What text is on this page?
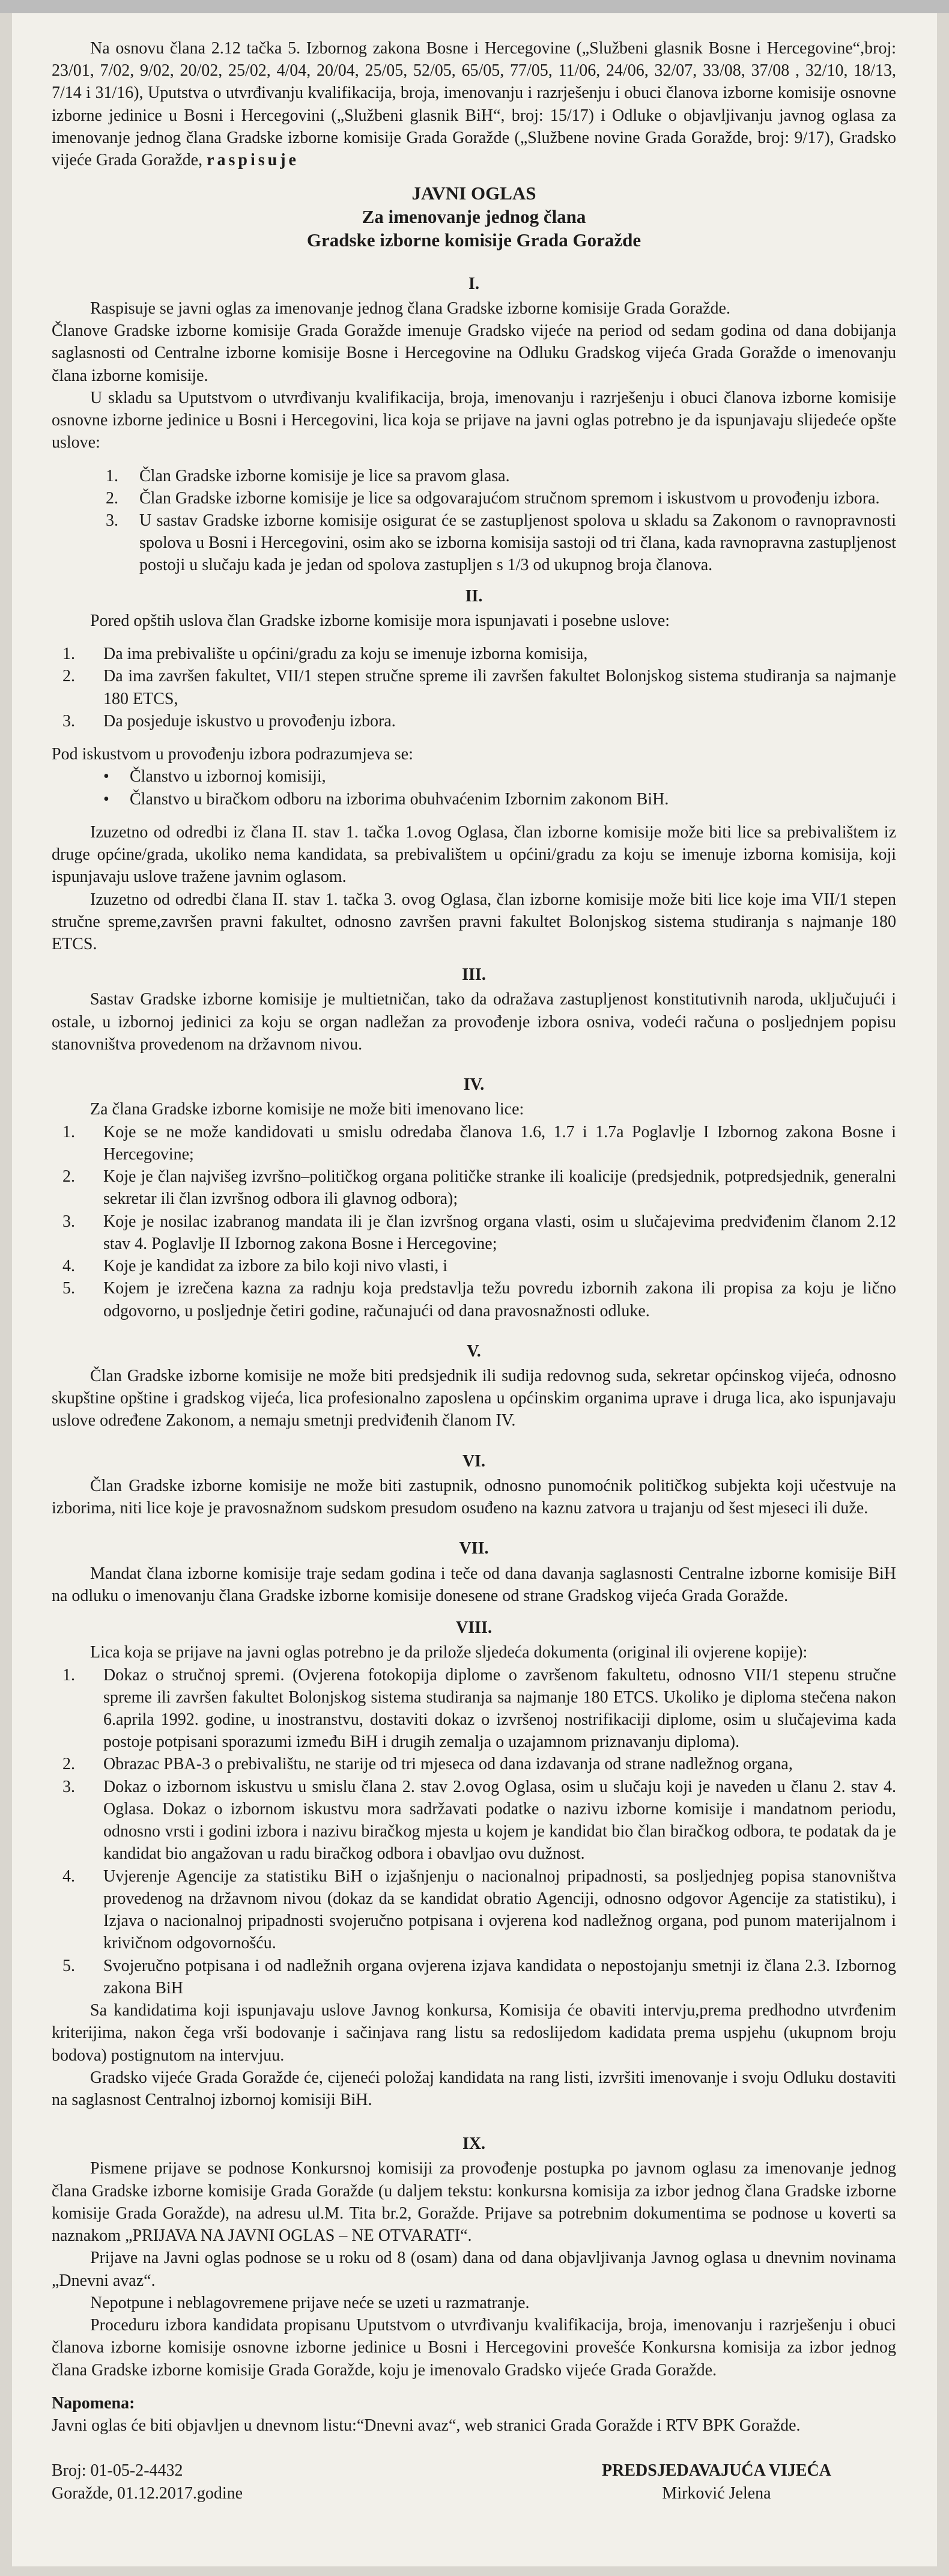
Na osnovu člana 2.12 tačka 5. Izbornog zakona Bosne i Hercegovine („Službeni glasnik Bosne i Hercegovine“,broj: 23/01, 7/02, 9/02, 20/02, 25/02, 4/04, 20/04, 25/05, 52/05, 65/05, 77/05, 11/06, 24/06, 32/07, 33/08, 37/08 , 32/10, 18/13, 7/14 i 31/16), Uputstva o utvrđivanju kvalifikacija, broja, imenovanju i razrješenju i obuci članova izborne komisije osnovne izborne jedinice u Bosni i Hercegovini („Službeni glasnik BiH“, broj: 15/17) i Odluke o objavljivanju javnog oglasa za imenovanje jednog člana Gradske izborne komisije Grada Goražde („Službene novine Grada Goražde, broj: 9/17), Gradsko vijeće Grada Goražde, raspisuje

JAVNI OGLAS
Za imenovanje jednog člana
Gradske izborne komisije Grada Goražde
I.

Raspisuje se javni oglas za imenovanje jednog člana Gradske izborne komisije Grada Goražde.

Članove Gradske izborne komisije Grada Goražde imenuje Gradsko vijeće na period od sedam godina od dana dobijanja saglasnosti od Centralne izborne komisije Bosne i Hercegovine na Odluku Gradskog vijeća Grada Goražde o imenovanju člana izborne komisije.

U skladu sa Uputstvom o utvrđivanju kvalifikacija, broja, imenovanju i razrješenju i obuci članova izborne komisije osnovne izborne jedinice u Bosni i Hercegovini, lica koja se prijave na javni oglas potrebno je da ispunjavaju slijedeće opšte uslove:

1.	Član Gradske izborne komisije je lice sa pravom glasa.
2.	Član Gradske izborne komisije je lice sa odgovarajućom stručnom spremom i iskustvom u provođenju izbora.
3.	U sastav Gradske izborne komisije osigurat će se zastupljenost spolova u skladu sa Zakonom o ravnopravnosti spolova u Bosni i Hercegovini, osim ako se izborna komisija sastoji od tri člana, kada ravnopravna zastupljenost postoji u slučaju kada je jedan od spolova zastupljen s 1/3 od ukupnog broja članova.
II.

Pored opštih uslova član Gradske izborne komisije mora ispunjavati i posebne uslove:

1.	Da ima prebivalište u općini/gradu za koju se imenuje izborna komisija,
2.	Da ima završen fakultet, VII/1 stepen stručne spreme ili završen fakultet Bolonjskog sistema studiranja sa najmanje 180 ETCS,
3.	Da posjeduje iskustvo u provođenju izbora.

Pod iskustvom u provođenju izbora podrazumjeva se:

•	Članstvo u izbornoj komisiji,
•	Članstvo u biračkom odboru na izborima obuhvaćenim Izbornim zakonom BiH.

Izuzetno od odredbi iz člana II. stav 1. tačka 1.ovog Oglasa, član izborne komisije može biti lice sa prebivalištem iz druge općine/grada, ukoliko nema kandidata, sa prebivalištem u općini/gradu za koju se imenuje izborna komisija, koji ispunjavaju uslove tražene javnim oglasom.

Izuzetno od odredbi člana II. stav 1. tačka 3. ovog Oglasa, član izborne komisije može biti lice koje ima VII/1 stepen stručne spreme,završen pravni fakultet, odnosno završen pravni fakultet Bolonjskog sistema studiranja s najmanje 180 ETCS.

III.

Sastav Gradske izborne komisije je multietničan, tako da odražava zastupljenost konstitutivnih naroda, uključujući i ostale, u izbornoj jedinici za koju se organ nadležan za provođenje izbora osniva, vodeći računa o posljednjem popisu stanovništva provedenom na državnom nivou.

IV.

Za člana Gradske izborne komisije ne može biti imenovano lice:

1.	Koje se ne može kandidovati u smislu odredaba članova 1.6, 1.7 i 1.7a Poglavlje I Izbornog zakona Bosne i Hercegovine;
2.	Koje je član najvišeg izvršno–političkog organa političke stranke ili koalicije (predsjednik, potpredsjednik, generalni sekretar ili član izvršnog odbora ili glavnog odbora);
3.	Koje je nosilac izabranog mandata ili je član izvršnog organa vlasti, osim u slučajevima predviđenim članom 2.12 stav 4. Poglavlje II Izbornog zakona Bosne i Hercegovine;
4.	Koje je kandidat za izbore za bilo koji nivo vlasti, i
5.	Kojem je izrečena kazna za radnju koja predstavlja težu povredu izbornih zakona ili propisa za koju je lično odgovorno, u posljednje četiri godine, računajući od dana pravosnažnosti odluke.
V.

Član Gradske izborne komisije ne može biti predsjednik ili sudija redovnog suda, sekretar općinskog vijeća, odnosno skupštine opštine i gradskog vijeća, lica profesionalno zaposlena u općinskim organima uprave i druga lica, ako ispunjavaju uslove određene Zakonom, a nemaju smetnji predviđenih članom IV.

VI.

Član Gradske izborne komisije ne može biti zastupnik, odnosno punomoćnik političkog subjekta koji učestvuje na izborima, niti lice koje je pravosnažnom sudskom presudom osuđeno na kaznu zatvora u trajanju od šest mjeseci ili duže.

VII.

Mandat člana izborne komisije traje sedam godina i teče od dana davanja saglasnosti Centralne izborne komisije BiH na odluku o imenovanju člana Gradske izborne komisije donesene od strane Gradskog vijeća Grada Goražde.

VIII.

Lica koja se prijave na javni oglas potrebno je da prilože sljedeća dokumenta (original ili ovjerene kopije):

1.	Dokaz o stručnoj spremi. (Ovjerena fotokopija diplome o završenom fakultetu, odnosno VII/1 stepenu stručne spreme ili završen fakultet Bolonjskog sistema studiranja sa najmanje 180 ETCS. Ukoliko je diploma stečena nakon 6.aprila 1992. godine, u inostranstvu, dostaviti dokaz o izvršenoj nostrifikaciji diplome, osim u slučajevima kada postoje potpisani sporazumi između BiH i drugih zemalja o uzajamnom priznavanju diploma).
2.	Obrazac PBA-3 o prebivalištu, ne starije od tri mjeseca od dana izdavanja od strane nadležnog organa,
3.	Dokaz o izbornom iskustvu u smislu člana 2. stav 2.ovog Oglasa, osim u slučaju koji je naveden u članu 2. stav 4. Oglasa. Dokaz o izbornom iskustvu mora sadržavati podatke o nazivu izborne komisije i mandatnom periodu, odnosno vrsti i godini izbora i nazivu biračkog mjesta u kojem je kandidat bio član biračkog odbora, te podatak da je kandidat bio angažovan u radu biračkog odbora i obavljao ovu dužnost.
4.	Uvjerenje Agencije za statistiku BiH o izjašnjenju o nacionalnoj pripadnosti, sa posljednjeg popisa stanovništva provedenog na državnom nivou (dokaz da se kandidat obratio Agenciji, odnosno odgovor Agencije za statistiku), i Izjava o nacionalnoj pripadnosti svojeručno potpisana i ovjerena kod nadležnog organa, pod punom materijalnom i krivičnom odgovornošću.
5.	Svojeručno potpisana i od nadležnih organa ovjerena izjava kandidata o nepostojanju smetnji iz člana 2.3. Izbornog zakona BiH

Sa kandidatima koji ispunjavaju uslove Javnog konkursa, Komisija će obaviti intervju,prema predhodno utvrđenim kriterijima, nakon čega vrši bodovanje i sačinjava rang listu sa redoslijedom kadidata prema uspjehu (ukupnom broju bodova) postignutom na intervjuu.

Gradsko vijeće Grada Goražde će, cijeneći položaj kandidata na rang listi, izvršiti imenovanje i svoju Odluku dostaviti na saglasnost Centralnoj izbornoj komisiji BiH.

IX.

Pismene prijave se podnose Konkursnoj komisiji za provođenje postupka po javnom oglasu za imenovanje jednog člana Gradske izborne komisije Grada Goražde (u daljem tekstu: konkursna komisija za izbor jednog člana Gradske izborne komisije Grada Goražde), na adresu ul.M. Tita br.2, Goražde. Prijave sa potrebnim dokumentima se podnose u koverti sa naznakom „PRIJAVA NA JAVNI OGLAS – NE OTVARATI“.

Prijave na Javni oglas podnose se u roku od 8 (osam) dana od dana objavljivanja Javnog oglasa u dnevnim novinama „Dnevni avaz“.

Nepotpune i neblagovremene prijave neće se uzeti u razmatranje.

Proceduru izbora kandidata propisanu Uputstvom o utvrđivanju kvalifikacija, broja, imenovanju i razrješenju i obuci članova izborne komisije osnovne izborne jedinice u Bosni i Hercegovini provešće Konkursna komisija za izbor jednog člana Gradske izborne komisije Grada Goražde, koju je imenovalo Gradsko vijeće Grada Goražde.

Napomena:

Javni oglas će biti objavljen u dnevnom listu:“Dnevni avaz“, web stranici Grada Goražde i RTV BPK Goražde.

Broj: 01-05-2-4432
Goražde, 01.12.2017.godine
PREDSJEDAVAJUĆA VIJEĆA
Mirković Jelena
